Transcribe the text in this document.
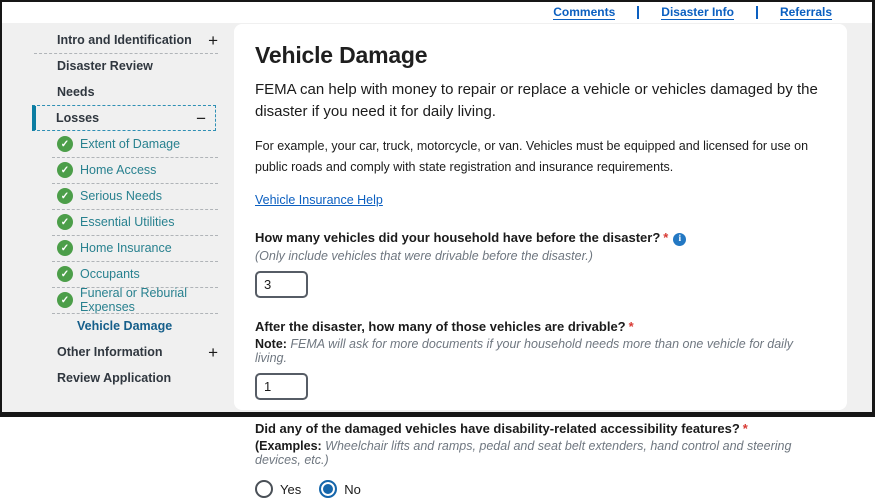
Comments	Disaster Info	Referrals
Intro and Identification +
Disaster Review
Needs
Losses	−
✓ Extent of Damage
✓ Home Access
✓ Serious Needs
✓ Essential Utilities
✓ Home Insurance
✓ Occupants
✓ Funeral or Reburial Expenses
Vehicle Damage
Other Information	+
Review Application
Vehicle Damage

FEMA can help with money to repair or replace a vehicle or vehicles damaged by the disaster if you need it for daily living.

For example, your car, truck, motorcycle, or van. Vehicles must be equipped and licensed for use on public roads and comply with state registration and insurance requirements.

Vehicle Insurance Help
How many vehicles did your household have before the disaster? * i
(Only include vehicles that were drivable before the disaster.)
3
After the disaster, how many of those vehicles are drivable? *
Note: FEMA will ask for more documents if your household needs more than one vehicle for daily living.
1
Did any of the damaged vehicles have disability-related accessibility features? *
(Examples: Wheelchair lifts and ramps, pedal and seat belt extenders, hand control and steering devices, etc.)
Yes	No
